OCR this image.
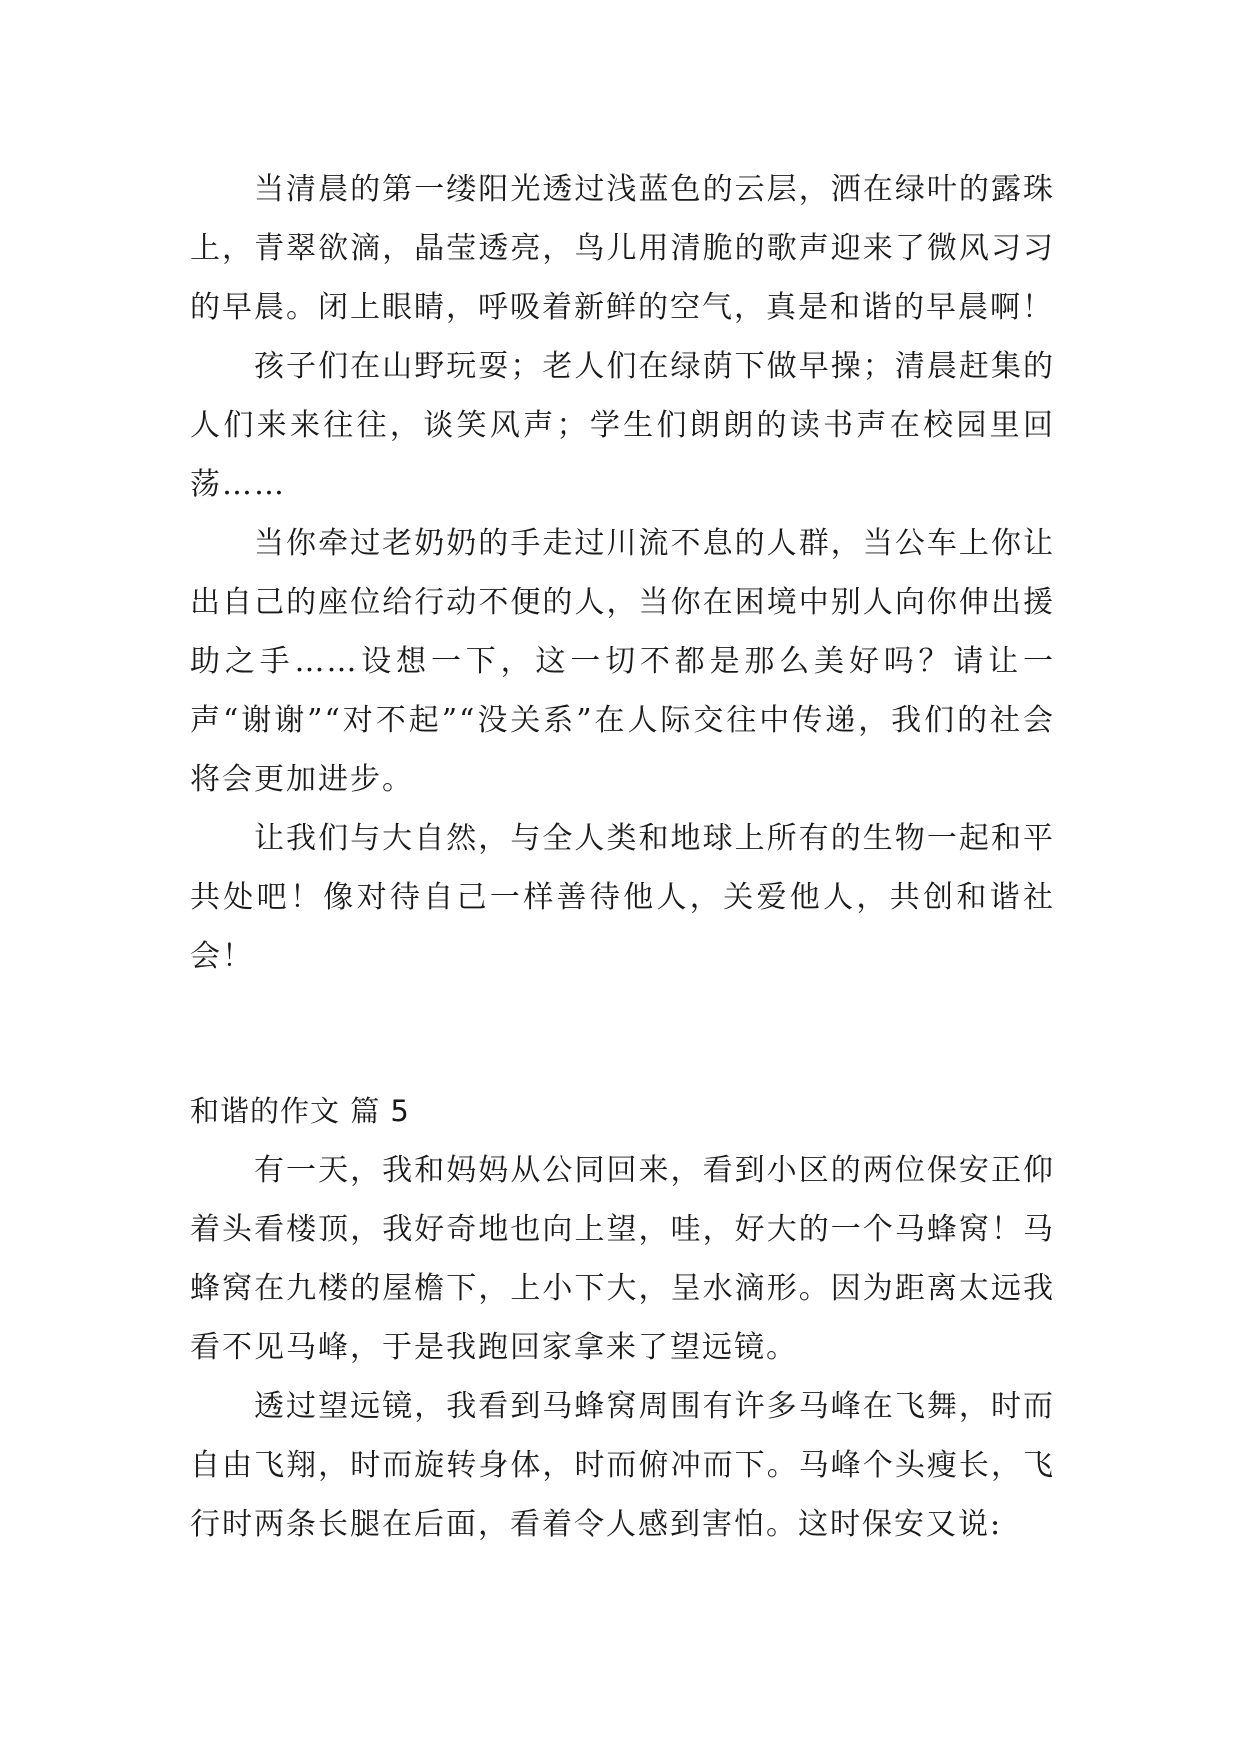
当清晨的第一缕阳光透过浅蓝色的云层，洒在绿叶的露珠上，青翠欲滴，晶莹透亮，鸟儿用清脆的歌声迎来了微风习习的早晨。闭上眼睛，呼吸着新鲜的空气，真是和谐的早晨啊！

孩子们在山野玩耍；老人们在绿荫下做早操；清晨赶集的人们来来往往，谈笑风声；学生们朗朗的读书声在校园里回荡……

当你牵过老奶奶的手走过川流不息的人群，当公车上你让出自己的座位给行动不便的人，当你在困境中别人向你伸出援助之手……设想一下，这一切不都是那么美好吗？请让一声“谢谢”“对不起”“没关系”在人际交往中传递，我们的社会将会更加进步。

让我们与大自然，与全人类和地球上所有的生物一起和平共处吧！像对待自己一样善待他人，关爱他人，共创和谐社会！

和谐的作文 篇 5

有一天，我和妈妈从公同回来，看到小区的两位保安正仰着头看楼顶，我好奇地也向上望，哇，好大的一个马蜂窝！马蜂窝在九楼的屋檐下，上小下大，呈水滴形。因为距离太远我看不见马峰，于是我跑回家拿来了望远镜。

透过望远镜，我看到马蜂窝周围有许多马峰在飞舞，时而自由飞翔，时而旋转身体，时而俯冲而下。马峰个头瘦长，飞行时两条长腿在后面，看着令人感到害怕。这时保安又说:
